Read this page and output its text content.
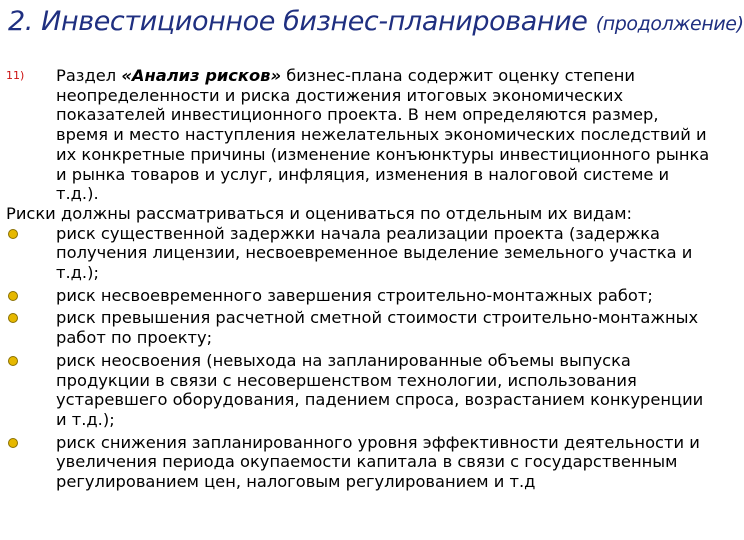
2. Инвестиционное бизнес-планирование (продолжение)
11) Раздел «Анализ рисков» бизнес-плана содержит оценку степени неопределенности и риска достижения итоговых экономических показателей инвестиционного проекта. В нем определяются размер, время и место наступления нежелательных экономических последствий и их конкретные причины (изменение конъюнктуры инвестиционного рынка и рынка товаров и услуг, инфляция, изменения в налоговой системе и т.д.).
Риски должны рассматриваться и оцениваться по отдельным их видам:
риск существенной задержки начала реализации проекта (задержка получения лицензии, несвоевременное выделение земельного участка и т.д.);
риск несвоевременного завершения строительно-монтажных работ;
риск превышения расчетной сметной стоимости строительно-монтажных работ по проекту;
риск неосвоения (невыхода на запланированные объемы выпуска продукции в связи с несовершенством технологии, использования устаревшего оборудования, падением спроса, возрастанием конкуренции и т.д.);
риск снижения запланированного уровня эффективности деятельности и увеличения периода окупаемости капитала в связи с государственным регулированием цен, налоговым регулированием и т.д
